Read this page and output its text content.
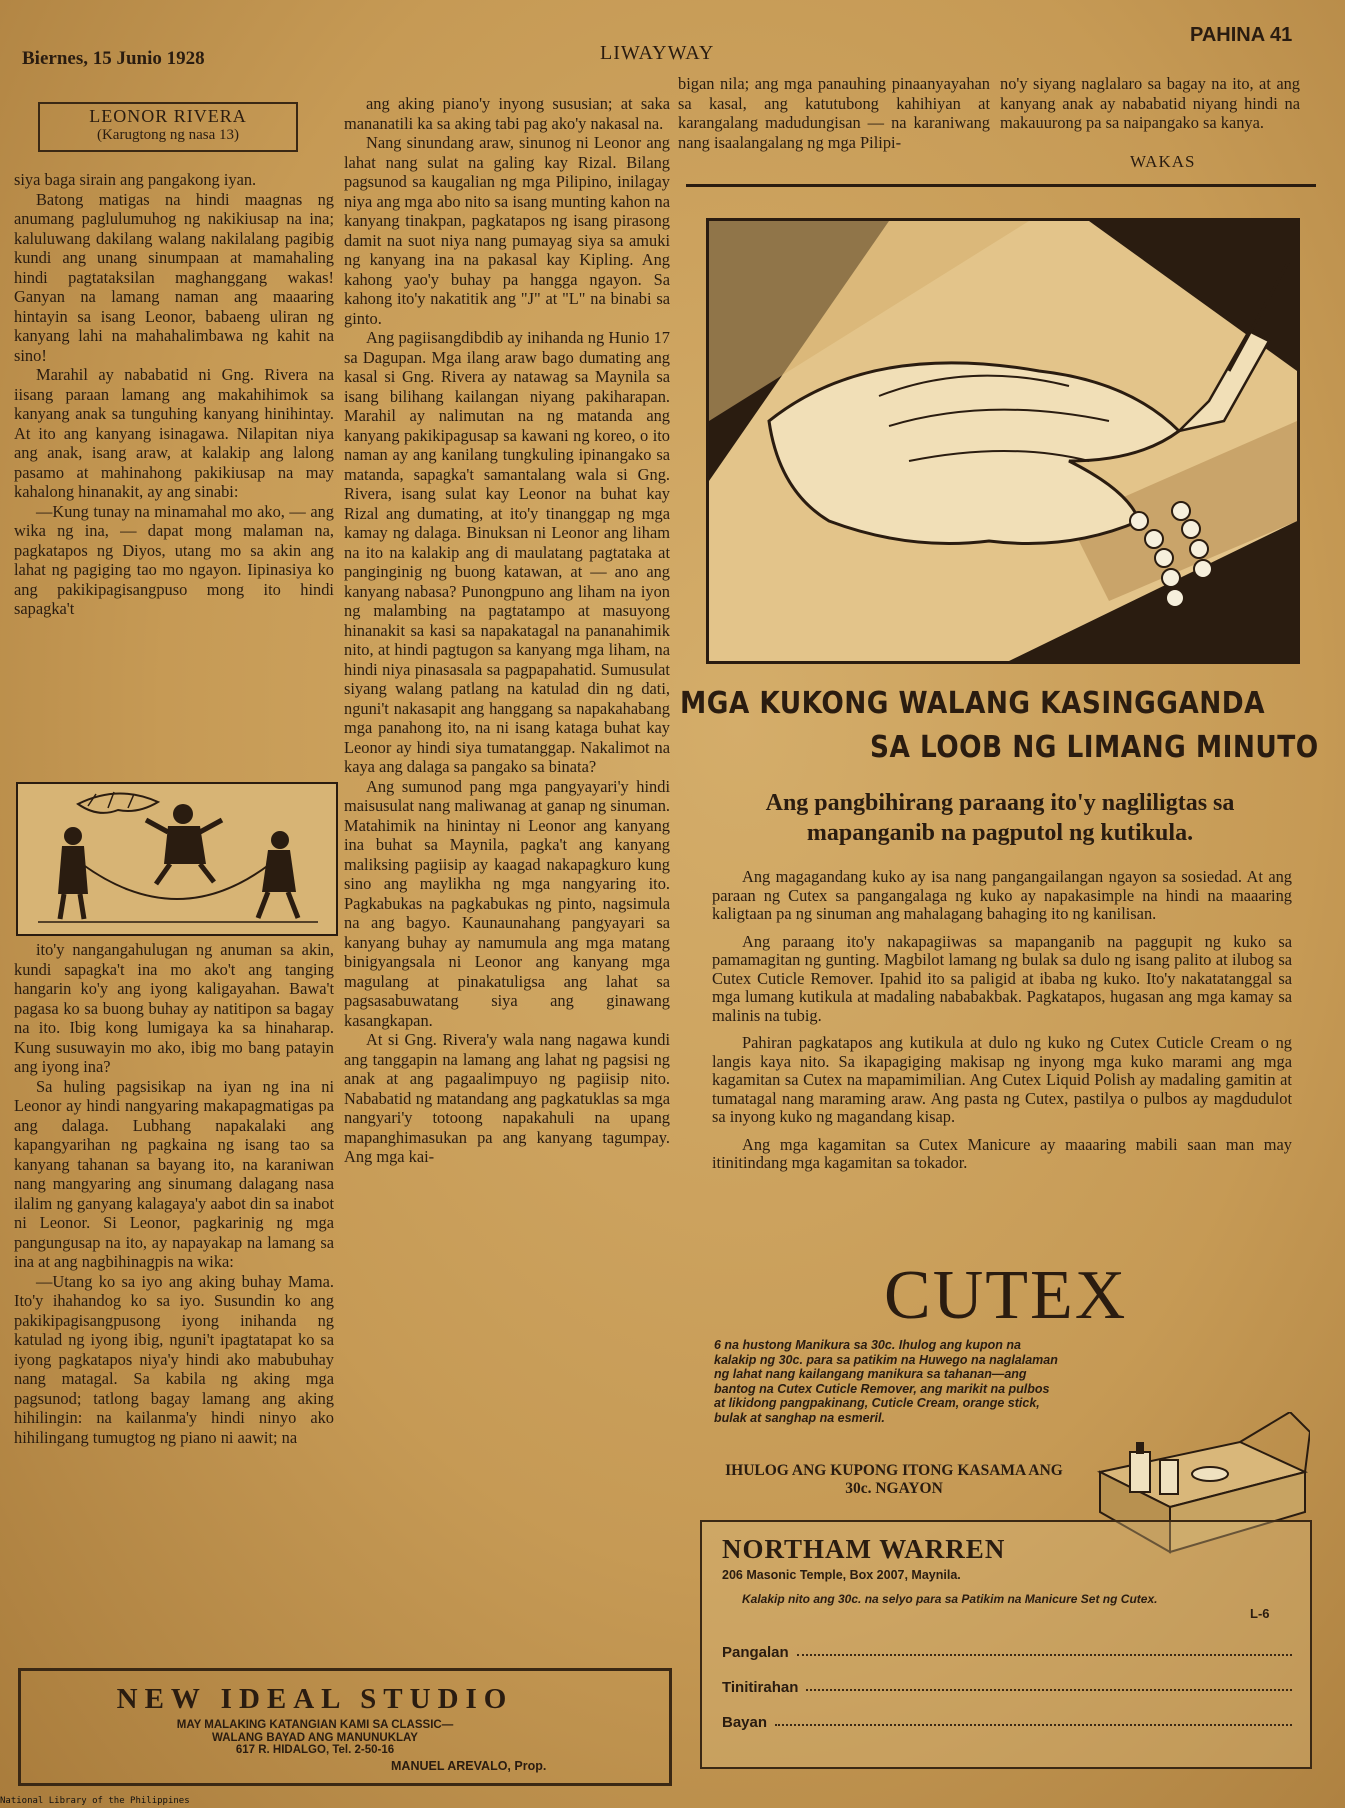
Biernes, 15 Junio 1928	LIWAYWAY
PAHINA 41
LEONOR RIVERA
(Karugtong ng nasa 13)

siya baga sirain ang pangakong iyan.

Batong matigas na hindi maagnas ng anumang paglulumuhog ng nakikiusap na ina; kaluluwang dakilang walang nakilalang pagibig kundi ang unang sinumpaan at mamahaling hindi pagtataksilan maghanggang wakas! Ganyan na lamang naman ang maaaring hintayin sa isang Leonor, babaeng uliran ng kanyang lahi na mahahalimbawa ng kahit na sino!

Marahil ay nababatid ni Gng. Rivera na iisang paraan lamang ang makahihimok sa kanyang anak sa tunguhing kanyang hinihintay. At ito ang kanyang isinagawa. Nilapitan niya ang anak, isang araw, at kalakip ang lalong pasamo at mahinahong pakikiusap na may kahalong hinanakit, ay ang sinabi:

—Kung tunay na minamahal mo ako, — ang wika ng ina, — dapat mong malaman na, pagkatapos ng Diyos, utang mo sa akin ang lahat ng pagiging tao mo ngayon. Iipinasiya ko ang pakikipagisangpuso mong ito hindi sapagka't

ito'y nangangahulugan ng anuman sa akin, kundi sapagka't ina mo ako't ang tanging hangarin ko'y ang iyong kaligayahan. Bawa't pagasa ko sa buong buhay ay natitipon sa bagay na ito. Ibig kong lumigaya ka sa hinaharap. Kung susuwayin mo ako, ibig mo bang patayin ang iyong ina?

Sa huling pagsisikap na iyan ng ina ni Leonor ay hindi nangyaring makapagmatigas pa ang dalaga. Lubhang napakalaki ang kapangyarihan ng pagkaina ng isang tao sa kanyang tahanan sa bayang ito, na karaniwan nang mangyaring ang sinumang dalagang nasa ilalim ng ganyang kalagaya'y aabot din sa inabot ni Leonor. Si Leonor, pagkarinig ng mga pangungusap na ito, ay napayakap na lamang sa ina at ang nagbihinagpis na wika:

—Utang ko sa iyo ang aking buhay Mama. Ito'y ihahandog ko sa iyo. Susundin ko ang pakikipagisangpusong iyong inihanda ng katulad ng iyong ibig, nguni't ipagtatapat ko sa iyong pagkatapos niya'y hindi ako mabubuhay nang matagal. Sa kabila ng aking mga pagsunod; tatlong bagay lamang ang aking hihilingin: na kailanma'y hindi ninyo ako hihilingang tumugtog ng piano ni aawit; na

ang aking piano'y inyong sususian; at saka mananatili ka sa aking tabi pag ako'y nakasal na.

Nang sinundang araw, sinunog ni Leonor ang lahat nang sulat na galing kay Rizal. Bilang pagsunod sa kaugalian ng mga Pilipino, inilagay niya ang mga abo nito sa isang munting kahon na kanyang tinakpan, pagkatapos ng isang pirasong damit na suot niya nang pumayag siya sa amuki ng kanyang ina na pakasal kay Kipling. Ang kahong yao'y buhay pa hangga ngayon. Sa kahong ito'y nakatitik ang "J" at "L" na binabi sa ginto.

Ang pagiisangdibdib ay inihanda ng Hunio 17 sa Dagupan. Mga ilang araw bago dumating ang kasal si Gng. Rivera ay natawag sa Maynila sa isang bilihang kailangan niyang pakiharapan. Marahil ay nalimutan na ng matanda ang kanyang pakikipagusap sa kawani ng koreo, o ito naman ay ang kanilang tungkuling ipinangako sa matanda, sapagka't samantalang wala si Gng. Rivera, isang sulat kay Leonor na buhat kay Rizal ang dumating, at ito'y tinanggap ng mga kamay ng dalaga. Binuksan ni Leonor ang liham na ito na kalakip ang di maulatang pagtataka at panginginig ng buong katawan, at — ano ang kanyang nabasa? Punongpuno ang liham na iyon ng malambing na pagtatampo at masuyong hinanakit sa kasi sa napakatagal na pananahimik nito, at hindi pagtugon sa kanyang mga liham, na hindi niya pinasasala sa pagpapahatid. Sumusulat siyang walang patlang na katulad din ng dati, nguni't nakasapit ang hanggang sa napakahabang mga panahong ito, na ni isang kataga buhat kay Leonor ay hindi siya tumatanggap. Nakalimot na kaya ang dalaga sa pangako sa binata?

Ang sumunod pang mga pangyayari'y hindi maisusulat nang maliwanag at ganap ng sinuman. Matahimik na hinintay ni Leonor ang kanyang ina buhat sa Maynila, pagka't ang kanyang maliksing pagiisip ay kaagad nakapagkuro kung sino ang maylikha ng mga nangyaring ito. Pagkabukas na pagkabukas ng pinto, nagsimula na ang bagyo. Kaunaunahang pangyayari sa kanyang buhay ay namumula ang mga matang binigyangsala ni Leonor ang kanyang mga magulang at pinakatuligsa ang lahat sa pagsasabuwatang siya ang ginawang kasangkapan.

At si Gng. Rivera'y wala nang nagawa kundi ang tanggapin na lamang ang lahat ng pagsisi ng anak at ang pagaalimpuyo ng pagiisip nito. Nababatid ng matandang ang pagkatuklas sa mga nangyari'y totoong napakahuli na upang mapanghimasukan pa ang kanyang tagumpay. Ang mga kai-

bigan nila; ang mga panauhing pinaanyayahan sa kasal, ang katutubong kahihiyan at karangalang madudungisan — na karaniwang nang isaalangalang ng mga Pilipi-

no'y siyang naglalaro sa bagay na ito, at ang kanyang anak ay nababatid niyang hindi na makauurong pa sa naipangako sa kanya.

WAKAS
MGA KUKONG WALANG KASINGGANDA
SA LOOB NG LIMANG MINUTO
Ang pangbihirang paraang ito'y nagliligtas sa mapanganib na pagputol ng kutikula.

Ang magagandang kuko ay isa nang pangangailangan ngayon sa sosiedad. At ang paraan ng Cutex sa pangangalaga ng kuko ay napakasimple na hindi na maaaring kaligtaan pa ng sinuman ang mahalagang bahaging ito ng kanilisan.

Ang paraang ito'y nakapagiiwas sa mapanganib na paggupit ng kuko sa pamamagitan ng gunting. Magbilot lamang ng bulak sa dulo ng isang palito at ilubog sa Cutex Cuticle Remover. Ipahid ito sa paligid at ibaba ng kuko. Ito'y nakatatanggal sa mga lumang kutikula at madaling nababakbak. Pagkatapos, hugasan ang mga kamay sa malinis na tubig.

Pahiran pagkatapos ang kutikula at dulo ng kuko ng Cutex Cuticle Cream o ng langis kaya nito. Sa ikapagiging makisap ng inyong mga kuko marami ang mga kagamitan sa Cutex na mapamimilian. Ang Cutex Liquid Polish ay madaling gamitin at tumatagal nang maraming araw. Ang pasta ng Cutex, pastilya o pulbos ay magdudulot sa inyong kuko ng magandang kisap.

Ang mga kagamitan sa Cutex Manicure ay maaaring mabili saan man may itinitindang mga kagamitan sa tokador.

CUTEX
6 na hustong Manikura sa 30c. Ihulog ang kupon na kalakip ng 30c. para sa patikim na Huwego na naglalaman ng lahat nang kailangang manikura sa tahanan—ang bantog na Cutex Cuticle Remover, ang marikit na pulbos at likidong pangpakinang, Cuticle Cream, orange stick, bulak at sanghap na esmeril.
IHULOG ANG KUPONG ITONG KASAMA ANG 30c. NGAYON
NORTHAM WARREN
206 Masonic Temple, Box 2007, Maynila.
Kalakip nito ang 30c. na selyo para sa Patikim na Manicure Set ng Cutex.
L-6
Pangalan
Tinitirahan
Bayan
NEW IDEAL STUDIO
MAY MALAKING KATANGIAN KAMI SA CLASSIC—
WALANG BAYAD ANG MANUNUKLAY
617 R. HIDALGO, Tel. 2-50-16
MANUEL AREVALO, Prop.
National Library of the Philippines
